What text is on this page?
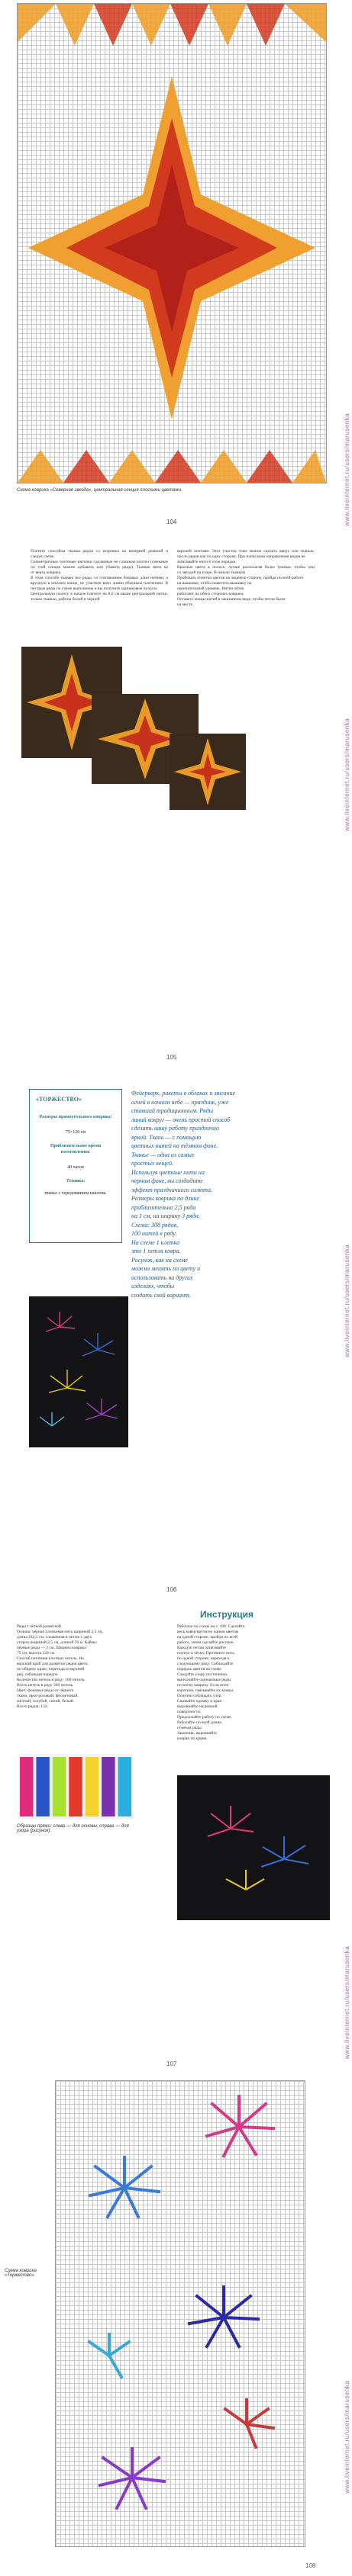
Схема коврика «Северная звезда», центральная секция плоскими цветами.
104	www.liveinternet.ru/users/marusenka
Плетите способом тканья рядов со вторника на вечерней дневной и
следуя схеме.
Симметричные плетеные ниточки сделанные не слишком плотно (смежные
по этой секции можно добавить или убавить ряды). Тканью нити на
от верха коврика.
В этом способе тканью все ряды, со стягиванием боковых длин нитями, а
вручную в нижнем конце, не участвуя вниз линии обычным плетением. В
пестрые ряды по схеме выполнены и вы получите одинаковые полосы.
Центральную полосу в начале плетите на 8,6 см выше центральной нитки,
только тканью, работы белой и чёрной
верхней лентами. Этот участок тоже можно сделать вверх или тканью,
число рядов как по одну сторону. При написании направления рядов не
затягивайте нити в этом порядке.
Красные цвета в полосе, лучше располагая более темные, чтобы они
со звездой на узоре. В начале тканьём
Пробовать отметки цветов на лицевую сторону, пройдя по всей работе
на вышивке, чтобы наметить вышивку на
окончательный уровень. Нитки чётко
работают на обеих сторонах коврика.
Оставьте концы нитей в заказанном виде, чтобы петли были
на месте.
105
www.liveinternet.ru/users/marusenka
«ТОРЖЕСТВО»
Размеры прямоугольного коврика:
75×120 см
Приблизительное время изготовления:
40 часов
Техника:
тканье с чередованием наклона.
Фейерверк, ракеты в облаках и мигание
огней в ночном небе — праздник, уже
ставший традиционным. Ряды
линий вокруг — очень простой способ
сделать вашу работу празднично
яркой. Ткань — с помощью
цветных нитей на тёмном фоне.
Тканье — одна из самых
простых вещей.
Используя цветные нити на
черном фоне, вы создадите
эффект праздничного салюта.
Размеры коврика по длине
приблизительно 2,5 ряда
на 1 см, на ширину 3 ряда.
Схема: 308 рядов,
100 нитей в ряду.
На схеме 1 клетка
это 1 петля ковра.
Рисунок, как на схеме
можно менять по цвету и
использовать на других
изделиях, чтобы
создать свой вариант.
106
www.liveinternet.ru/users/marusenka
Инструкция
Ряды с чёткой разметкой.
Основа: чёрная хлопковая нить шириной 2,5 см,
длина 242,5 см, сложенная в петлю с двух
сторон шириной 2,5 см, длиной 76 м. Кайма:
чёрные ряды — 2 см. Ширина коврика
75 см; высота 120 см.
Способ плетения плотных петель. На
верхний край для разметки рядов цвета
по общему краю, переходы в верхний
ряд, соблюдая порядок.
Количество петель в ряду: 100 петель.
Всего петель в ряду 308 петель.
Цвет: фоновые ряды от чёрного
ткани, ярко-розовый, фиолетовый,
жёлтый, голубой, синий, белый.
Всего рядов: 132.
Рабочую по схеме на с. 108. Сделайте
весь ковер вручную одним цветом
на одной стороне, пройдя по всей
работе, затем сделайте рисунок.
Каждую петлю затягивайте
плотно и чётко. Протяните нить
по одной стороне, переходя к
следующему ряду. Соблюдайте
порядок цветов на схеме.
Следуйте узору постепенно,
выполняйте одинаковые ряды
по всему коврику. Если нити
короткие, связывайте их концы.
Полезно соблюдать узор.
Сшивайте кромку и края
выровняйте на ровной
поверхности.
Продолжайте работу по схеме.
Работайте по всей длине,
отмечая ряды.
Закончив, выровняйте
коврик по краям.
Образцы пряжи: слева — для основы; справа — для узора (рисунок).
107
www.liveinternet.ru/users/marusenka
Схема коврика «Торжество».
108
www.liveinternet.ru/users/marusenka
